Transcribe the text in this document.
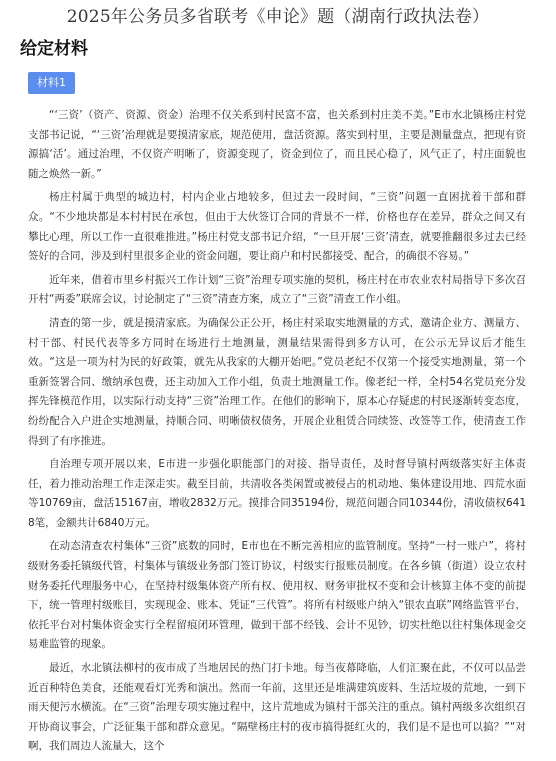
2025年公务员多省联考《申论》题（湖南行政执法卷）
给定材料
材料1

“‘三资’（资产、资源、资金）治理不仅关系到村民富不富，也关系到村庄美不美。”E市水北镇杨庄村党支部书记说，“‘三资’治理就是要摸清家底，规范使用，盘活资源。落实到村里，主要是测量盘点，把现有资源搞‘活’。通过治理，不仅资产明晰了，资源变现了，资金到位了，而且民心稳了，风气正了，村庄面貌也随之焕然一新。”

杨庄村属于典型的城边村，村内企业占地较多，但过去一段时间，“三资”问题一直困扰着干部和群众。“不少地块都是本村村民在承包，但由于大伙签订合同的背景不一样，价格也存在差异，群众之间又有攀比心理，所以工作一直很难推进。”杨庄村党支部书记介绍，“一旦开展‘三资’清查，就要推翻很多过去已经签好的合同，涉及到村里很多企业的资金问题，要让商户和村民都接受、配合，的确很不容易。”

近年来，借着市里乡村振兴工作计划“三资”治理专项实施的契机，杨庄村在市农业农村局指导下多次召开村“两委”联席会议，讨论制定了“三资”清查方案，成立了“三资”清查工作小组。

清查的第一步，就是摸清家底。为确保公正公开，杨庄村采取实地测量的方式，邀请企业方、测量方、村干部、村民代表等多方同时在场进行土地测量，测量结果需得到多方认可，在公示无异议后才能生效。“这是一项为村为民的好政策，就先从我家的大棚开始吧。”党员老纪不仅第一个接受实地测量，第一个重新签署合同、缴纳承包费，还主动加入工作小组，负责土地测量工作。像老纪一样，全村54名党员充分发挥先锋模范作用，以实际行动支持“三资”治理工作。在他们的影响下，原本心存疑虑的村民逐渐转变态度，纷纷配合入户进企实地测量，持顺合同、明晰债权债务，开展企业租赁合同续签、改签等工作，使清查工作得到了有序推进。

自治理专项开展以来，E市进一步强化职能部门的对接、指导责任，及时督导镇村两级落实好主体责任，着力推动治理工作走深走实。截至目前，共清收各类闲置或被侵占的机动地、集体建设用地、四荒水面等10769亩，盘活15167亩，增收2832万元。摸排合同35194份，规范问题合同10344份，清收债权6418笔，金额共计6840万元。

在动态清查农村集体“三资”底数的同时，E市也在不断完善相应的监管制度。坚持“一村一账户”，将村级财务委托镇级代管，村集体与镇级业务部门签订协议，村级实行报账员制度。在各乡镇（街道）设立农村财务委托代理服务中心，在坚持村级集体资产所有权、使用权、财务审批权不变和会计核算主体不变的前提下，统一管理村级账目，实现现金、账本、凭证“三代管”。将所有村级账户纳入“银农直联”网络监管平台，依托平台对村集体资金实行全程留痕闭环管理，做到干部不经钱、会计不见钞，切实杜绝以往村集体现金交易难监管的现象。

最近，水北镇法柳村的夜市成了当地居民的热门打卡地。每当夜幕降临，人们汇聚在此，不仅可以品尝近百种特色美食，还能观看灯光秀和演出。然而一年前，这里还是堆满建筑废料、生活垃圾的荒地，一到下雨天便污水横流。在“三资”治理专项实施过程中，这片荒地成为镇村干部关注的重点。镇村两级多次组织召开协商议事会，广泛征集干部和群众意见。“隔壁杨庄村的夜市搞得挺红火的，我们是不是也可以搞？”“对啊，我们周边人流量大，这个
